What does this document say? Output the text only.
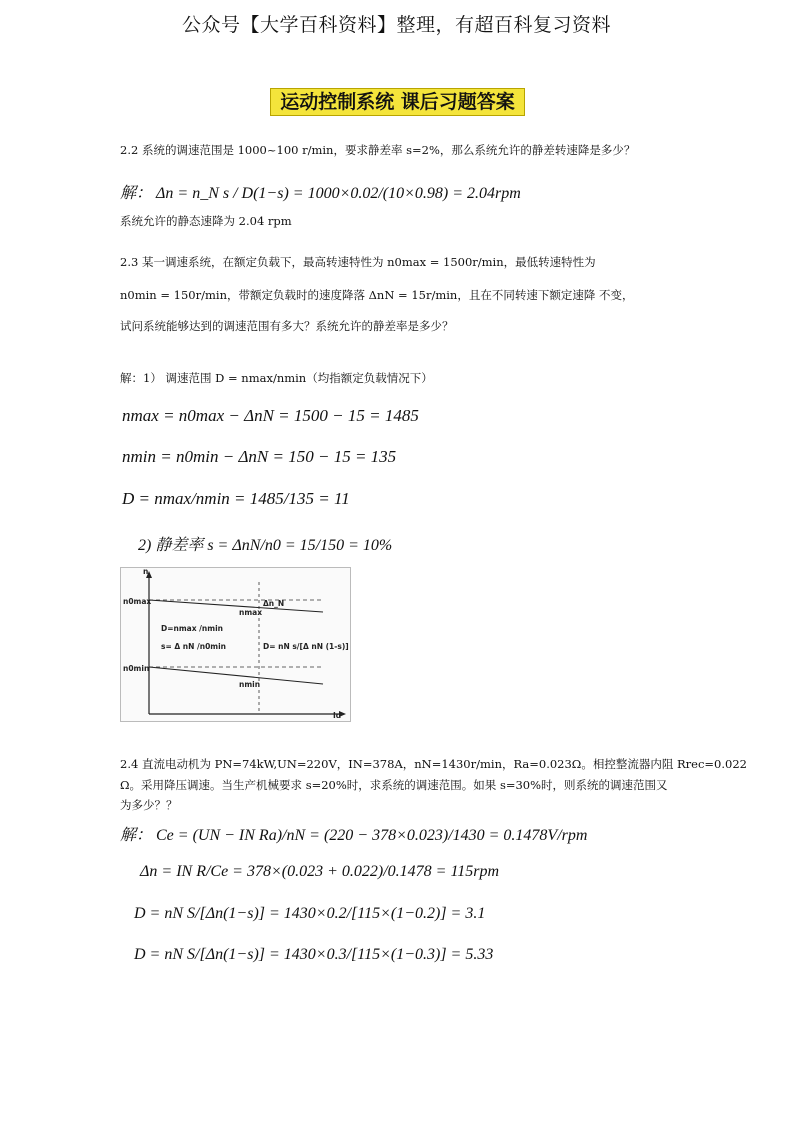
公众号【大学百科资料】整理，有超百科复习资料
运动控制系统 课后习题答案
2.2 系统的调速范围是 1000~100 r/min，要求静差率 s=2%，那么系统允许的静差转速降是多少？
解： Δn = n_N s / D(1−s) = 1000×0.02/(10×0.98) = 2.04rpm
系统允许的静态速降为 2.04 rpm
2.3 某一调速系统，在额定负载下，最高转速特性为 n0max = 1500r/min，最低转速特性为
n0min = 150r/min，带额定负载时的速度降落 ΔnN = 15r/min，且在不同转速下额定速降 不变，
试问系统能够达到的调速范围有多大？系统允许的静差率是多少？
解：1） 调速范围 D = nmax/nmin（均指额定负载情况下）
nmax = n0max − ΔnN = 1500 − 15 = 1485
nmin = n0min − ΔnN = 150 − 15 = 135
D = nmax/nmin = 1485/135 = 11
2) 静差率 s = ΔnN/n0 = 15/150 = 10%
n
Id
n0max
nmax
Δn_N
D=nmax /nmin
s= Δ nN /n0min	D= nN s/[Δ nN (1-s)]
n0min
nmin
2.4 直流电动机为 PN=74kW,UN=220V，IN=378A，nN=1430r/min，Ra=0.023Ω。相控整流器内阻 Rrec=0.022
Ω。采用降压调速。当生产机械要求 s=20%时，求系统的调速范围。如果 s=30%时，则系统的调速范围又
为多少？？
解： Ce = (UN − IN Ra)/nN = (220 − 378×0.023)/1430 = 0.1478V/rpm
Δn = IN R/Ce = 378×(0.023 + 0.022)/0.1478 = 115rpm
D = nN S/[Δn(1−s)] = 1430×0.2/[115×(1−0.2)] = 3.1
D = nN S/[Δn(1−s)] = 1430×0.3/[115×(1−0.3)] = 5.33
